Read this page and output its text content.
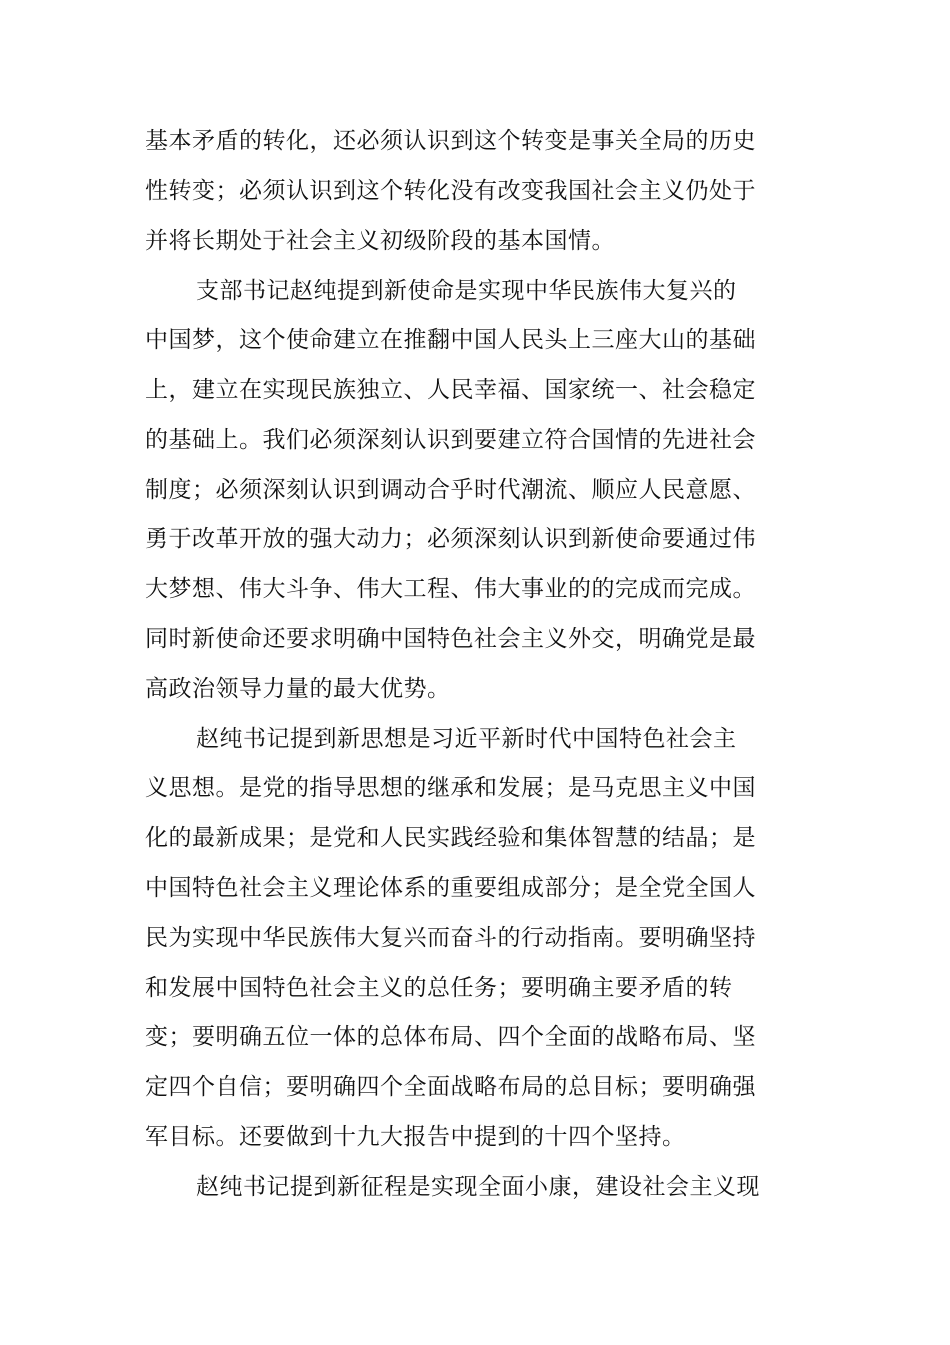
基本矛盾的转化，还必须认识到这个转变是事关全局的历史
性转变；必须认识到这个转化没有改变我国社会主义仍处于
并将长期处于社会主义初级阶段的基本国情。
支部书记赵纯提到新使命是实现中华民族伟大复兴的
中国梦，这个使命建立在推翻中国人民头上三座大山的基础
上，建立在实现民族独立、人民幸福、国家统一、社会稳定
的基础上。我们必须深刻认识到要建立符合国情的先进社会
制度；必须深刻认识到调动合乎时代潮流、顺应人民意愿、
勇于改革开放的强大动力；必须深刻认识到新使命要通过伟
大梦想、伟大斗争、伟大工程、伟大事业的的完成而完成。
同时新使命还要求明确中国特色社会主义外交，明确党是最
高政治领导力量的最大优势。
赵纯书记提到新思想是习近平新时代中国特色社会主
义思想。是党的指导思想的继承和发展；是马克思主义中国
化的最新成果；是党和人民实践经验和集体智慧的结晶；是
中国特色社会主义理论体系的重要组成部分；是全党全国人
民为实现中华民族伟大复兴而奋斗的行动指南。要明确坚持
和发展中国特色社会主义的总任务；要明确主要矛盾的转
变；要明确五位一体的总体布局、四个全面的战略布局、坚
定四个自信；要明确四个全面战略布局的总目标；要明确强
军目标。还要做到十九大报告中提到的十四个坚持。
赵纯书记提到新征程是实现全面小康，建设社会主义现
